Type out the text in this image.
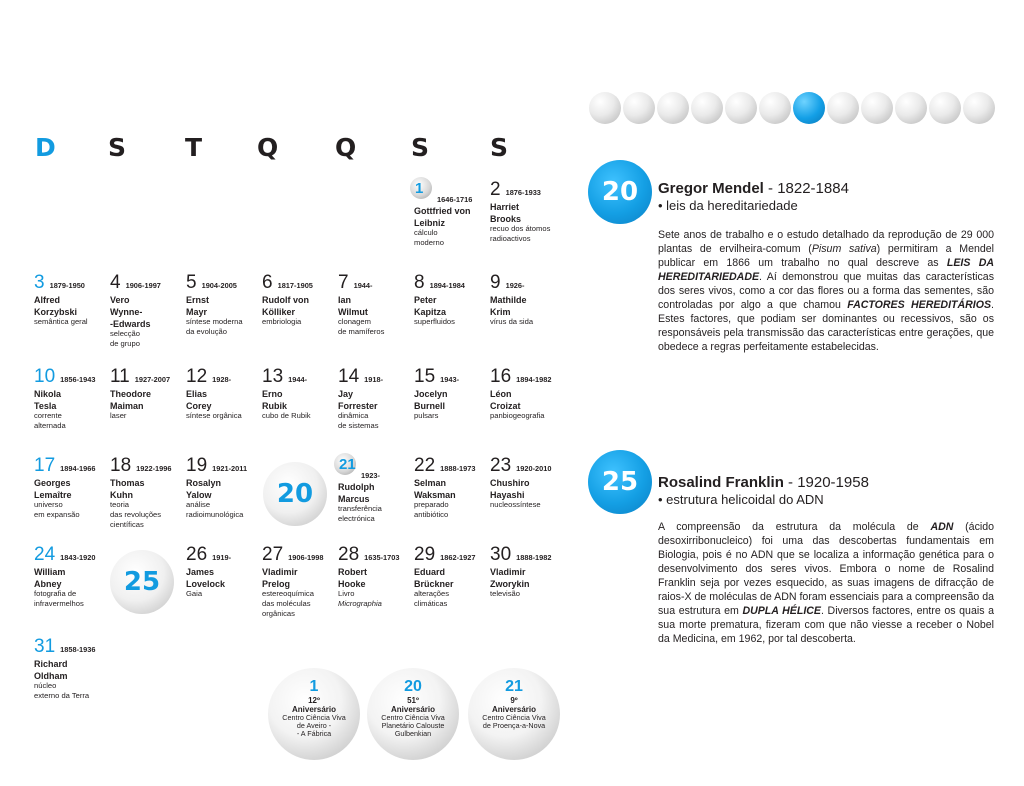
D S T Q Q S S
1
1646-1716
Gottfried von
Leibniz
cálculo
moderno
2 1876-1933
Harriet
Brooks
recuo dos átomos
radioactivos
3 1879-1950
Alfred
Korzybski
semântica geral
4 1906-1997
Vero
Wynne-
-Edwards
selecção
de grupo
5 1904-2005
Ernst
Mayr
síntese moderna
da evolução
6 1817-1905
Rudolf von
Kölliker
embriologia
7 1944-
Ian
Wilmut
clonagem
de mamíferos
8 1894-1984
Peter
Kapitza
superfluidos
9 1926-
Mathilde
Krim
vírus da sida
10 1856-1943
Nikola
Tesla
corrente
alternada
11 1927-2007
Theodore
Maiman
laser
12 1928-
Elias
Corey
síntese orgânica
13 1944-
Erno
Rubik
cubo de Rubik
14 1918-
Jay
Forrester
dinâmica
de sistemas
15 1943-
Jocelyn
Burnell
pulsars
16 1894-1982
Léon
Croizat
panbiogeografia
17 1894-1966
Georges
Lemaître
universo
em expansão
18 1922-1996
Thomas
Kuhn
teoria
das revoluções
científicas
19 1921-2011
Rosalyn
Yalow
análise
radioimunológica
21
1923-
Rudolph
Marcus
transferência
electrónica
22 1888-1973
Selman
Waksman
preparado
antibiótico
23 1920-2010
Chushiro
Hayashi
nucleossíntese
24 1843-1920
William
Abney
fotografia de
infravermelhos
26 1919-
James
Lovelock
Gaia
27 1906-1998
Vladimir
Prelog
estereoquímica
das moléculas
orgânicas
28 1635-1703
Robert
Hooke
Livro
Micrographia
29 1862-1927
Eduard
Brückner
alterações
climáticas
30 1888-1982
Vladimir
Zworykin
televisão
31 1858-1936
Richard
Oldham
núcleo
externo da Terra
20
25
1
12º
Aniversário
Centro Ciência Viva
de Aveiro -
- A Fábrica
20
51º
Aniversário
Centro Ciência Viva
Planetário Calouste
Gulbenkian
21
9º
Aniversário
Centro Ciência Viva
de Proença-a-Nova
20	Gregor Mendel - 1822-1884
• leis da hereditariedade
Sete anos de trabalho e o estudo detalhado da reprodução de 29 000 plantas de ervilheira-comum (Pisum sativa) permitiram a Mendel publicar em 1866 um trabalho no qual descreve as LEIS DA HEREDITARIEDADE. Aí demonstrou que muitas das características dos seres vivos, como a cor das flores ou a forma das sementes, são controladas por algo a que chamou FACTORES HEREDITÁRIOS. Estes factores, que podiam ser dominantes ou recessivos, são os responsáveis pela transmissão das características entre gerações, que obedece a regras perfeitamente estabelecidas.
25	Rosalind Franklin - 1920-1958
• estrutura helicoidal do ADN
A compreensão da estrutura da molécula de ADN (ácido desoxirribonucleico) foi uma das descobertas fundamentais em Biologia, pois é no ADN que se localiza a informação genética para o desenvolvimento dos seres vivos. Embora o nome de Rosalind Franklin seja por vezes esquecido, as suas imagens de difracção de raios-X de moléculas de ADN foram essenciais para a compreensão da sua estrutura em DUPLA HÉLICE. Diversos factores, entre os quais a sua morte prematura, fizeram com que não viesse a receber o Nobel da Medicina, em 1962, por tal descoberta.
